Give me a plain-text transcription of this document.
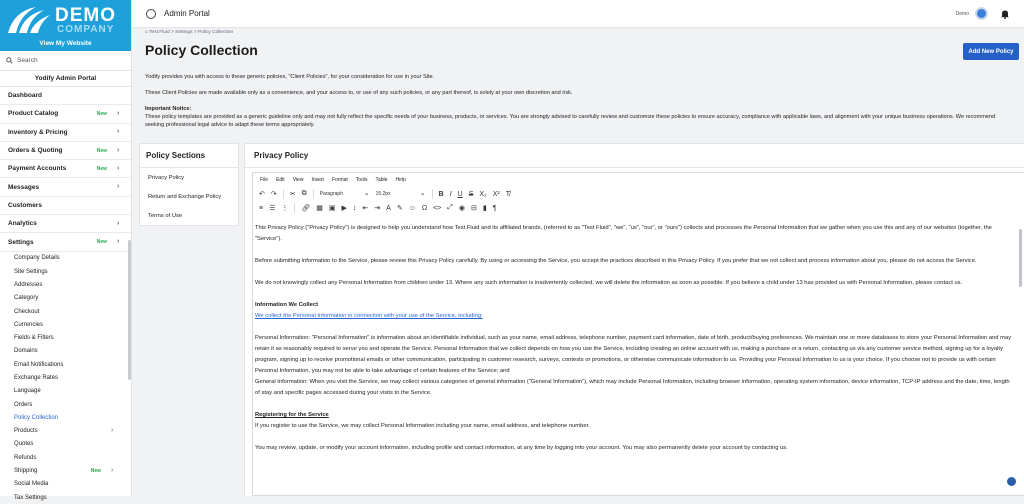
DEMO
COMPANY
View My Website
Search
Yodify Admin Portal
Dashboard
Product Catalog	New ›
Inventory & Pricing	›
Orders & Quoting	New ›
Payment Accounts	New ›
Messages	›
Customers
Analytics	›
Settings	New ›
Company Details
Site Settings
Addresses
Category
Checkout
Currencies
Fields & Filters
Domains
Email Notifications
Exchange Rates
Language
Orders
Policy Collection
Products	›
Quotes
Refunds
Shipping	New ›
Social Media
Tax Settings
Admin Portal	Demo
⌂ Test Fluid > Settings > Policy Collection
Policy Collection	Add New Policy
Yodify provides you with access to these generic policies, "Client Policies", for your consideration for use in your Site.
These Client Policies are made available only as a convenience, and your access to, or use of any such policies, or any part thereof, is solely at your own discretion and risk.
Important Notice:
These policy templates are provided as a generic guideline only and may not fully reflect the specific needs of your business, products, or services. You are strongly advised to carefully review and customize these policies to ensure accuracy, compliance with applicable laws, and alignment with your unique business operations. We recommend seeking professional legal advice to adapt these terms appropriately.
Policy Sections
Privacy Policy
Return and Exchange Policy
Terms of Use
Privacy Policy
File Edit View Insert Format Tools Table Help
↶ ↷ ✂ ⧉	Paragraph ⌄	15.2px ⌄	B I U S X₂ X² T̸
≡ ☰ ⋮ 🔗︎ ▦ ▣ ▶ ↕ ⇤ ⇥ A ✎ ☺ Ω <> ⤢ ◉ ⊟ ▮ ¶

This Privacy Policy ("Privacy Policy") is designed to help you understand how Test Fluid and its affiliated brands, (referred to as "Test Fluid", "we", "us", "our", or "ours") collects and processes the Personal Information that we gather when you use this and any of our websites (together, the "Service").

Before submitting information to the Service, please review this Privacy Policy carefully. By using or accessing the Service, you accept the practices described in this Privacy Policy. If you prefer that we not collect and process information about you, please do not access the Service.

We do not knowingly collect any Personal Information from children under 13. Where any such information is inadvertently collected, we will delete the information as soon as possible. If you believe a child under 13 has provided us with Personal Information, please contact us.

Information We Collect

We collect the Personal Information in connection with your use of the Service, including:

Personal Information: "Personal Information" is information about an identifiable individual, such as your name, email address, telephone number, payment card information, date of birth, product/buying preferences. We maintain one or more databases to store your Personal Information and may retain it as reasonably required to serve you and operate the Service. Personal Information that we collect depends on how you use the Service, including creating an online account with us, making a purchase or a return, contacting us via any customer service method, signing up for a loyalty program, signing up to receive promotional emails or other communication, participating in customer research, surveys, contests or promotions, or otherwise communicate information to us. Providing your Personal Information to us is your choice. If you choose not to provide us with certain Personal Information, you may not be able to take advantage of certain features of the Service; and

General Information: When you visit the Service, we may collect various categories of general information ("General Information"), which may include Personal Information, including browser information, operating system information, device information, TCP-IP address and the date, time, length of stay and specific pages accessed during your visits to the Service.

Registering for the Service

If you register to use the Service, we may collect Personal Information including your name, email address, and telephone number.

You may review, update, or modify your account information, including profile and contact information, at any time by logging into your account. You may also permanently delete your account by contacting us.
